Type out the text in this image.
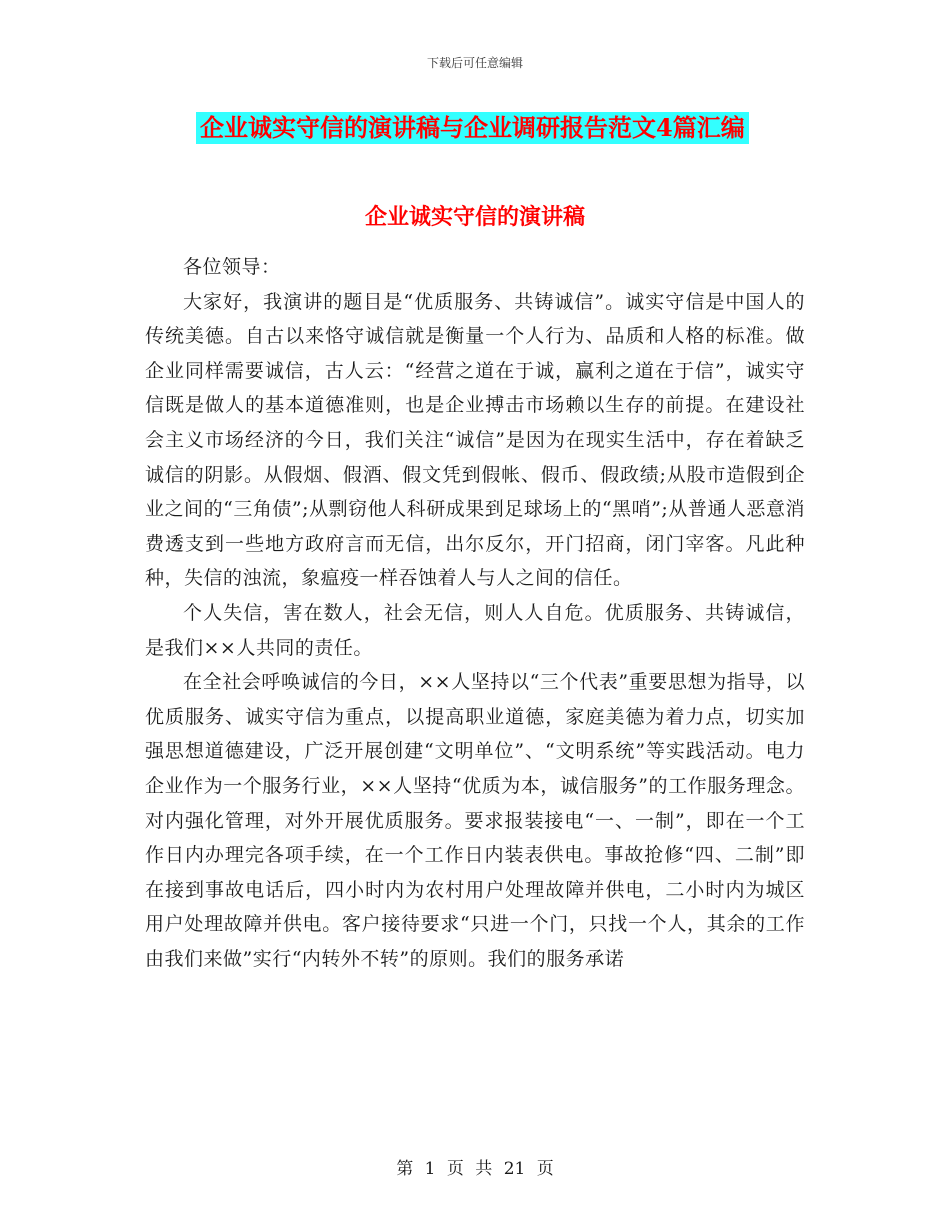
下载后可任意编辑
企业诚实守信的演讲稿与企业调研报告范文4篇汇编
企业诚实守信的演讲稿

各位领导：

大家好，我演讲的题目是“优质服务、共铸诚信”。诚实守信是中国人的传统美德。自古以来恪守诚信就是衡量一个人行为、品质和人格的标准。做企业同样需要诚信，古人云：“经营之道在于诚，赢利之道在于信”，诚实守信既是做人的基本道德准则，也是企业搏击市场赖以生存的前提。在建设社会主义市场经济的今日，我们关注“诚信”是因为在现实生活中，存在着缺乏诚信的阴影。从假烟、假酒、假文凭到假帐、假币、假政绩;从股市造假到企业之间的“三角债”;从剽窃他人科研成果到足球场上的“黑哨”;从普通人恶意消费透支到一些地方政府言而无信，出尔反尔，开门招商，闭门宰客。凡此种种，失信的浊流，象瘟疫一样吞蚀着人与人之间的信任。

个人失信，害在数人，社会无信，则人人自危。优质服务、共铸诚信，是我们××人共同的责任。

在全社会呼唤诚信的今日，××人坚持以“三个代表”重要思想为指导，以优质服务、诚实守信为重点，以提高职业道德，家庭美德为着力点，切实加强思想道德建设，广泛开展创建“文明单位”、“文明系统”等实践活动。电力企业作为一个服务行业，××人坚持“优质为本，诚信服务”的工作服务理念。对内强化管理，对外开展优质服务。要求报装接电“一、一制”，即在一个工作日内办理完各项手续，在一个工作日内装表供电。事故抢修“四、二制”即在接到事故电话后，四小时内为农村用户处理故障并供电，二小时内为城区用户处理故障并供电。客户接待要求“只进一个门，只找一个人，其余的工作由我们来做”实行“内转外不转”的原则。我们的服务承诺

第 1 页 共 21 页
